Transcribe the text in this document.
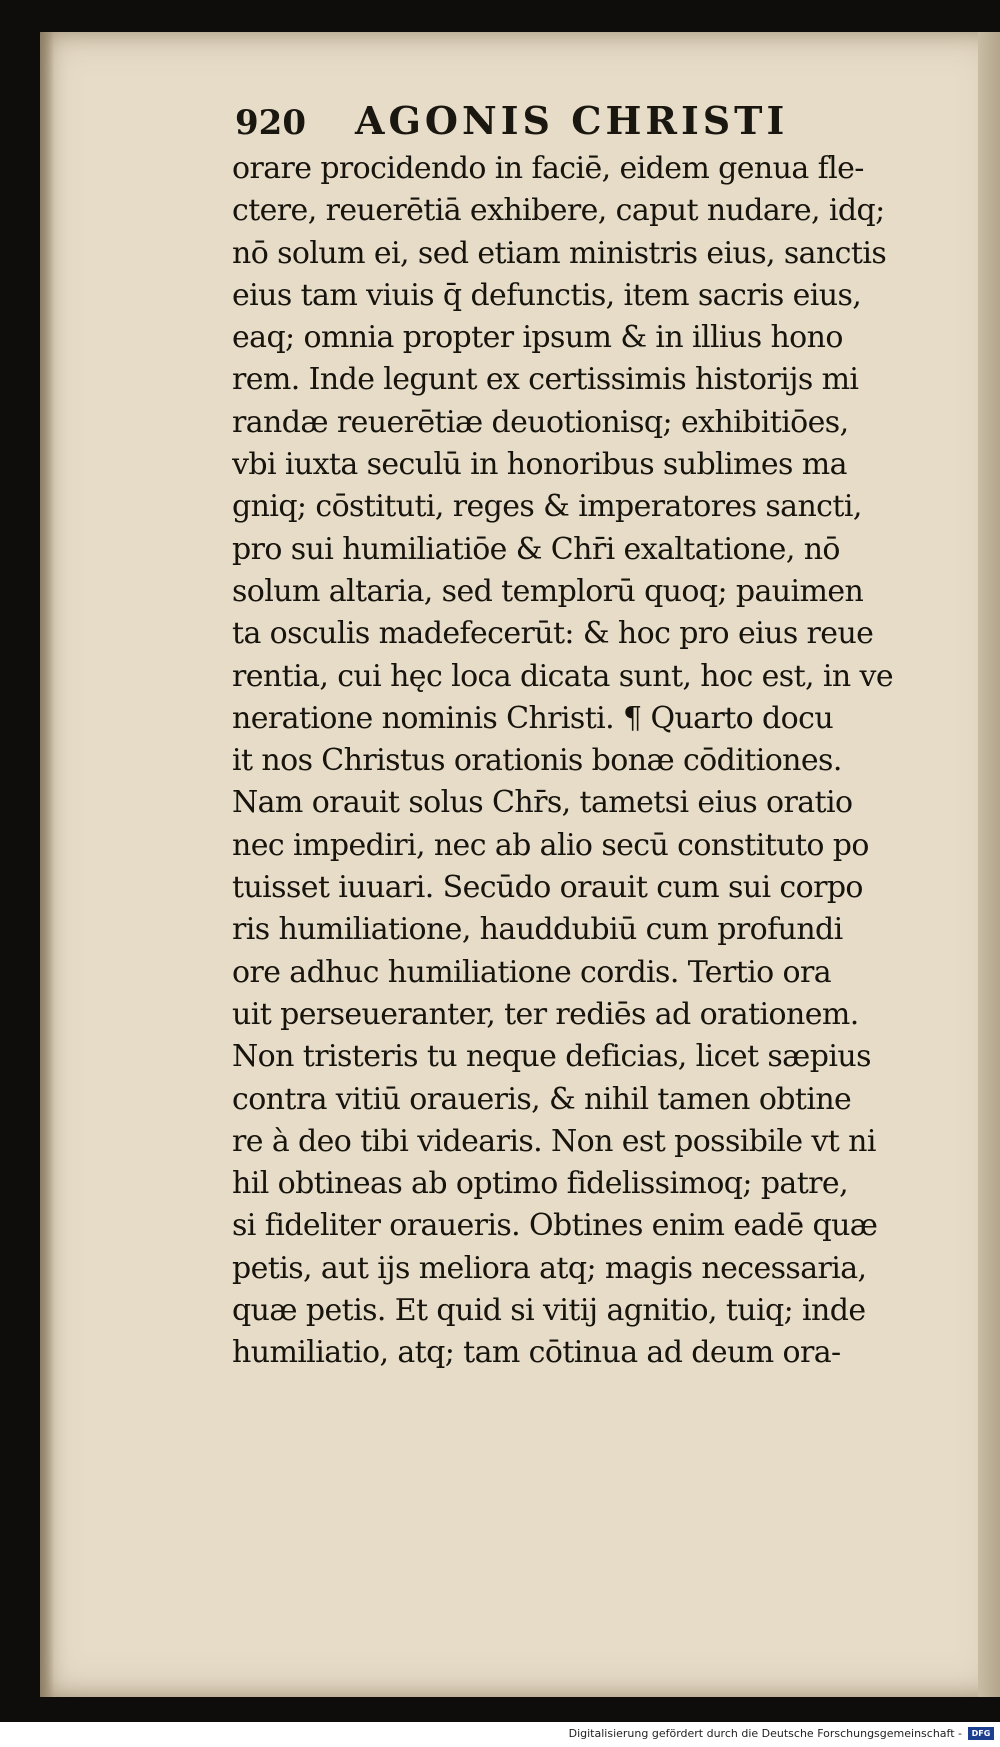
920	AGONIS CHRISTI
orare procidendo in faciē, eidem genua fle-
ctere, reuerētiā exhibere, caput nudare, idq;
nō solum ei, sed etiam ministris eius, sanctis
eius tam viuis q̄ defunctis, item sacris eius,
eaq; omnia propter ipsum & in illius hono
rem. Inde legunt ex certissimis historijs mi
randæ reuerētiæ deuotionisq; exhibitiōes,
vbi iuxta seculū in honoribus sublimes ma
gniq; cōstituti, reges & imperatores sancti,
pro sui humiliatiōe & Chr̄i exaltatione, nō
solum altaria, sed templorū quoq; pauimen
ta osculis madefecerūt: & hoc pro eius reue
rentia, cui hęc loca dicata sunt, hoc est, in ve
neratione nominis Christi. ¶ Quarto docu
it nos Christus orationis bonæ cōditiones.
Nam orauit solus Chr̄s, tametsi eius oratio
nec impediri, nec ab alio secū constituto po
tuisset iuuari. Secūdo orauit cum sui corpo
ris humiliatione, hauddubiū cum profundi
ore adhuc humiliatione cordis. Tertio ora
uit perseueranter, ter rediēs ad orationem.
Non tristeris tu neque deficias, licet sæpius
contra vitiū oraueris, & nihil tamen obtine
re à deo tibi videaris. Non est possibile vt ni
hil obtineas ab optimo fidelissimoq; patre,
si fideliter oraueris. Obtines enim eadē quæ
petis, aut ijs meliora atq; magis necessaria,
quæ petis. Et quid si vitij agnitio, tuiq; inde
humiliatio, atq; tam cōtinua ad deum ora-
Digitalisierung gefördert durch die Deutsche Forschungsgemeinschaft -	DFG
